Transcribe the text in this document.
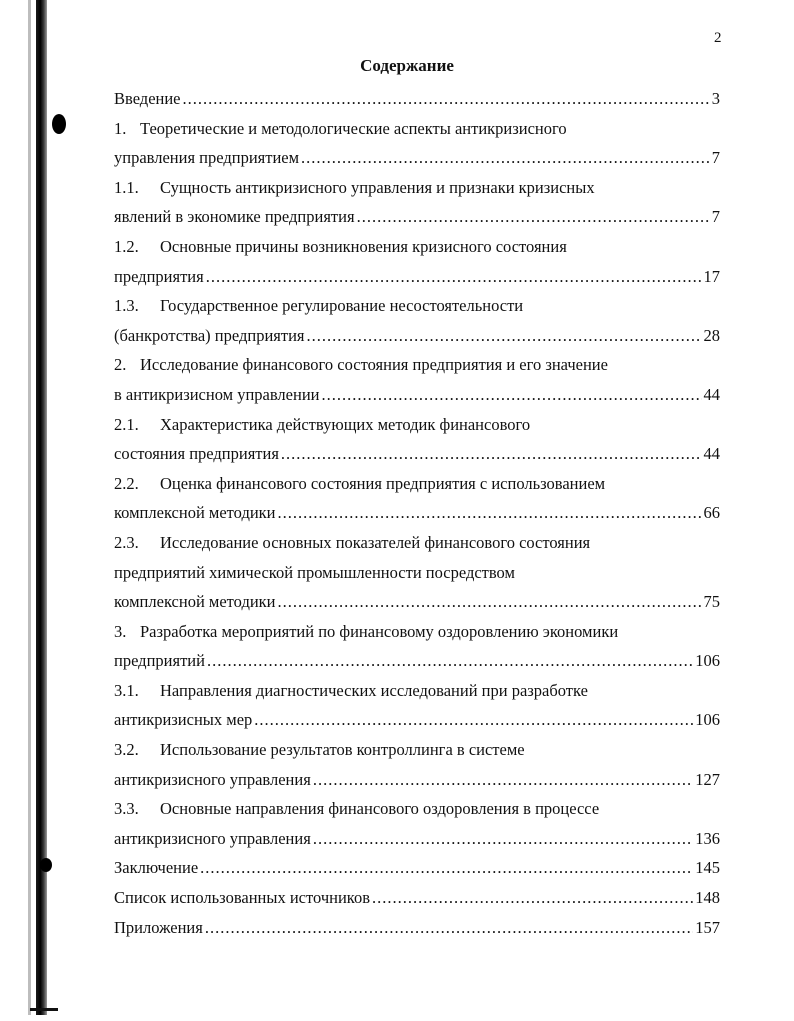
2
Содержание
Введение .....	3
1. Теоретические и методологические аспекты антикризисного
управления предприятием .....	7
1.1.	Сущность антикризисного управления и признаки кризисных
явлений в экономике предприятия .....	7
1.2.	Основные причины возникновения кризисного состояния
предприятия .....	17
1.3.	Государственное регулирование несостоятельности
(банкротства) предприятия .....	28
2. Исследование финансового состояния предприятия и его значение
в антикризисном управлении .....	44
2.1.	Характеристика действующих методик финансового
состояния предприятия .....	44
2.2.	Оценка финансового состояния предприятия с использованием
комплексной методики .....	66
2.3.	Исследование основных показателей финансового состояния
предприятий химической промышленности посредством
комплексной методики .....	75
3. Разработка мероприятий по финансовому оздоровлению экономики
предприятий .....	106
3.1.	Направления диагностических исследований при разработке
антикризисных мер .....	106
3.2.	Использование результатов контроллинга в системе
антикризисного управления .....	127
3.3.	Основные направления финансового оздоровления в процессе
антикризисного управления .....	136
Заключение .....	145
Список использованных источников .....	148
Приложения .....	157
